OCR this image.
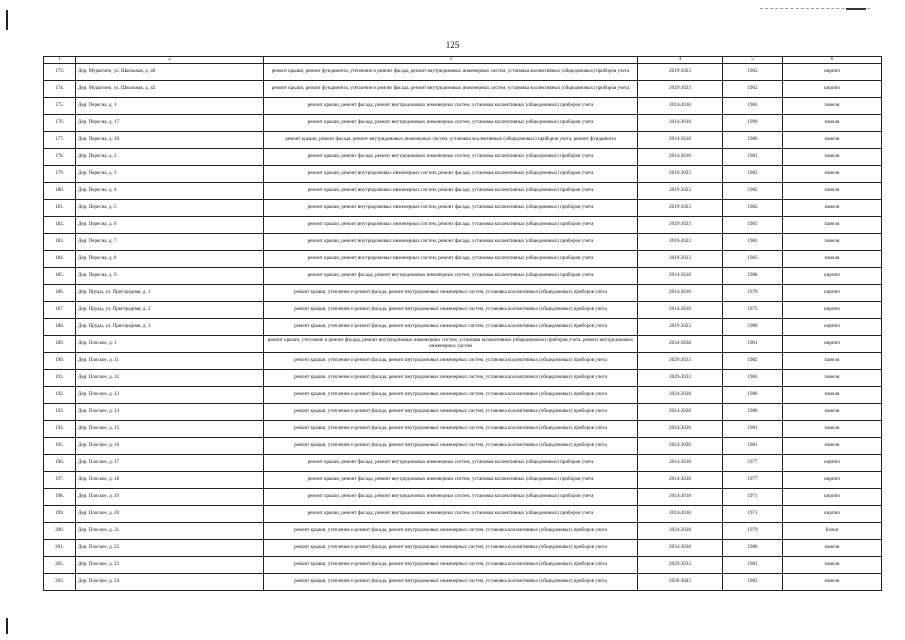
125
1	2	3	4	5	6
173.	Дер. Мурыгино, ул. Школьная, д. 40	ремонт крыши, ремонт фундамента, утепление и ремонт фасада, ремонт внутридомовых инженерных систем, установка коллективных (общедомовых) приборов учета	2019-2023	1962	кирпич
174.	Дер. Мурыгино, ул. Школьная, д. 42	ремонт крыши, ремонт фундамента, утепление и ремонт фасада, ремонт внутридомовых инженерных систем, установка коллективных (общедомовых) приборов учета	2019-2023	1962	кирпич
175.	Дер. Пересна, д. 1	ремонт крыши, ремонт фасада, ремонт внутридомовых инженерных систем, установка коллективных (общедомовых) приборов учета	2014-2018	1982	панели
176.	Дер. Пересна, д. 17	ремонт крыши, ремонт фасада, ремонт внутридомовых инженерных систем, установка коллективных (общедомовых) приборов учета	2014-2018	1990	панели
177.	Дер. Пересна, д. 18	ремонт крыши, ремонт фасада, ремонт внутридомовых инженерных систем, установка коллективных (общедомовых) приборов учета, ремонт фундамента	2014-2018	1986	панели
178.	Дер. Пересна, д. 2	ремонт крыши, ремонт фасада, ремонт внутридомовых инженерных систем, установка коллективных (общедомовых) приборов учета	2014-2018	1982	панели
179.	Дер. Пересна, д. 3	ремонт крыши, ремонт внутридомовых инженерных систем, ремонт фасада, установка коллективных (общедомовых) приборов учета	2019-2023	1982	панели
180.	Дер. Пересна, д. 4	ремонт крыши, ремонт внутридомовых инженерных систем, ремонт фасада, установка коллективных (общедомовых) приборов учета	2019-2023	1982	панели
181.	Дер. Пересна, д. 5	ремонт крыши, ремонт внутридомовых инженерных систем, ремонт фасада, установка коллективных (общедомовых) приборов учета	2019-2023	1982	панели
182.	Дер. Пересна, д. 6	ремонт крыши, ремонт внутридомовых инженерных систем, ремонт фасада, установка коллективных (общедомовых) приборов учета	2019-2023	1983	панели
183.	Дер. Пересна, д. 7	ремонт крыши, ремонт внутридомовых инженерных систем, ремонт фасада, установка коллективных (общедомовых) приборов учета	2019-2023	1983	панели
184.	Дер. Пересна, д. 8	ремонт крыши, ремонт внутридомовых инженерных систем, ремонт фасада, установка коллективных (общедомовых) приборов учета	2019-2023	1983	панели
185.	Дер. Пересна, д. 9	ремонт крыши, ремонт фасада, ремонт внутридомовых инженерных систем, установка коллективных (общедомовых) приборов учета	2014-2018	1968	кирпич
186.	Дер. Пруды, ул. Пригородная, д. 1	ремонт крыши, утепление и ремонт фасада, ремонт внутридомовых инженерных систем, установка коллективных (общедомовых) приборов учета	2014-2018	1970	кирпич
187.	Дер. Пруды, ул. Пригородная, д. 2	ремонт крыши, утепление и ремонт фасада, ремонт внутридомовых инженерных систем, установка коллективных (общедомовых) приборов учета	2014-2018	1975	кирпич
188.	Дер. Пруды, ул. Пригородная, д. 3	ремонт крыши, утепление и ремонт фасада, ремонт внутридомовых инженерных систем, установка коллективных (общедомовых) приборов учета	2019-2023	1980	кирпич
189.	Дер. Плоское, д. 1	ремонт крыши, утепление и ремонт фасада, ремонт внутридомовых инженерных систем, установка коллективных (общедомовых) приборов учета, ремонт внутридомовых инженерных систем	2034-2038	1961	кирпич
190.	Дер. Плоское, д. 11	ремонт крыши, утепление и ремонт фасада, ремонт внутридомовых инженерных систем, установка коллективных (общедомовых) приборов учета	2029-2033	1982	панели
191.	Дер. Плоское, д. 12	ремонт крыши, утепление и ремонт фасада, ремонт внутридомовых инженерных систем, установка коллективных (общедомовых) приборов учета	2029-2033	1982	панели
192.	Дер. Плоское, д. 13	ремонт крыши, утепление и ремонт фасада, ремонт внутридомовых инженерных систем, установка коллективных (общедомовых) приборов учета	2024-2028	1980	панели
193.	Дер. Плоское, д. 14	ремонт крыши, утепление и ремонт фасада, ремонт внутридомовых инженерных систем, установка коллективных (общедомовых) приборов учета	2024-2028	1980	панели
194.	Дер. Плоское, д. 15	ремонт крыши, утепление и ремонт фасада, ремонт внутридомовых инженерных систем, установка коллективных (общедомовых) приборов учета	2024-2028	1981	панели
195.	Дер. Плоское, д. 16	ремонт крыши, утепление и ремонт фасада, ремонт внутридомовых инженерных систем, установка коллективных (общедомовых) приборов учета	2024-2028	1981	панели
196.	Дер. Плоское, д. 17	ремонт крыши, ремонт фасада, ремонт внутридомовых инженерных систем, установка коллективных (общедомовых) приборов учета	2014-2018	1977	кирпич
197.	Дер. Плоское, д. 18	ремонт крыши, ремонт фасада, ремонт внутридомовых инженерных систем, установка коллективных (общедомовых) приборов учета	2014-2018	1977	кирпич
198.	Дер. Плоское, д. 19	ремонт крыши, ремонт фасада, ремонт внутридомовых инженерных систем, установка коллективных (общедомовых) приборов учета	2014-2018	1971	кирпич
199.	Дер. Плоское, д. 20	ремонт крыши, ремонт фасада, ремонт внутридомовых инженерных систем, установка коллективных (общедомовых) приборов учета	2014-2018	1971	кирпич
200.	Дер. Плоское, д. 21	ремонт крыши, утепление и ремонт фасада, ремонт внутридомовых инженерных систем, установка коллективных (общедомовых) приборов учета	2024-2028	1979	блоки
201.	Дер. Плоское, д. 22	ремонт крыши, утепление и ремонт фасада, ремонт внутридомовых инженерных систем, установка коллективных (общедомовых) приборов учета	2034-2038	1980	панели
202.	Дер. Плоское, д. 23	ремонт крыши, утепление и ремонт фасада, ремонт внутридомовых инженерных систем, установка коллективных (общедомовых) приборов учета	2029-2033	1982	панели
203.	Дер. Плоское, д. 24	ремонт крыши, утепление и ремонт фасада, ремонт внутридомовых инженерных систем, установка коллективных (общедомовых) приборов учета	2039-2043	1982	панели
